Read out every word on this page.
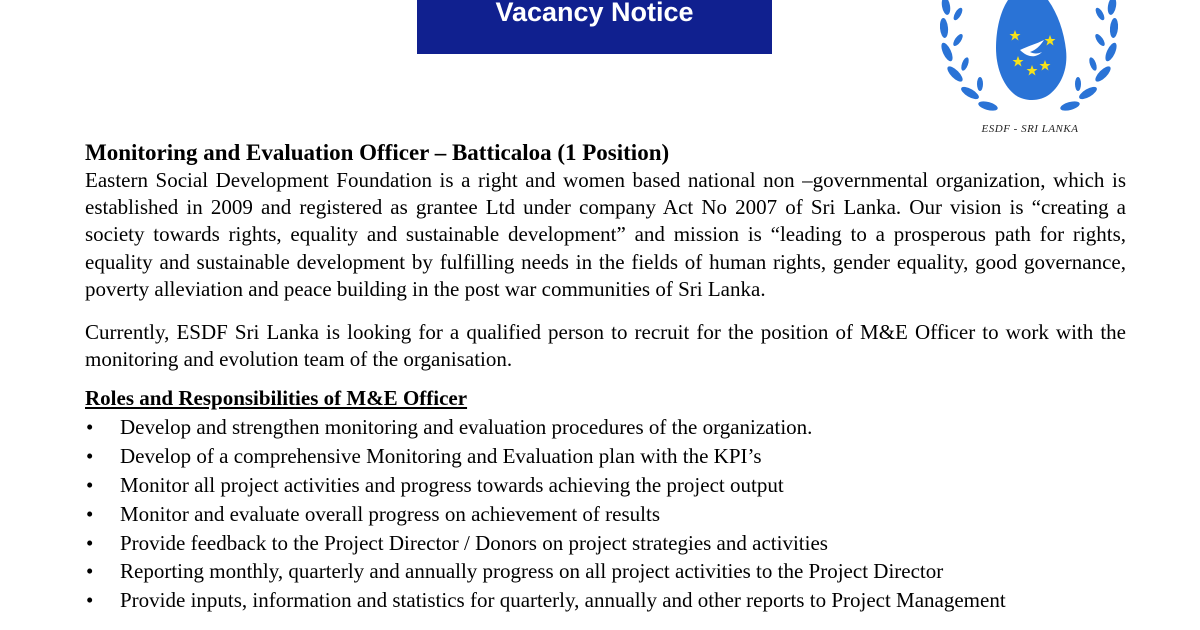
Vacancy Notice
ESDF - SRI LANKA
Monitoring and Evaluation Officer – Batticaloa (1 Position)

Eastern Social Development Foundation is a right and women based national non –governmental organization, which is established in 2009 and registered as grantee Ltd under company Act No 2007 of Sri Lanka. Our vision is “creating a society towards rights, equality and sustainable development” and mission is “leading to a prosperous path for rights, equality and sustainable development by fulfilling needs in the fields of human rights, gender equality, good governance, poverty alleviation and peace building in the post war communities of Sri Lanka.

Currently, ESDF Sri Lanka is looking for a qualified person to recruit for the position of M&E Officer to work with the monitoring and evolution team of the organisation.

Roles and Responsibilities of M&E Officer
• Develop and strengthen monitoring and evaluation procedures of the organization.
• Develop of a comprehensive Monitoring and Evaluation plan with the KPI’s
• Monitor all project activities and progress towards achieving the project output
• Monitor and evaluate overall progress on achievement of results
• Provide feedback to the Project Director / Donors on project strategies and activities
• Reporting monthly, quarterly and annually progress on all project activities to the Project Director
• Provide inputs, information and statistics for quarterly, annually and other reports to Project Management
